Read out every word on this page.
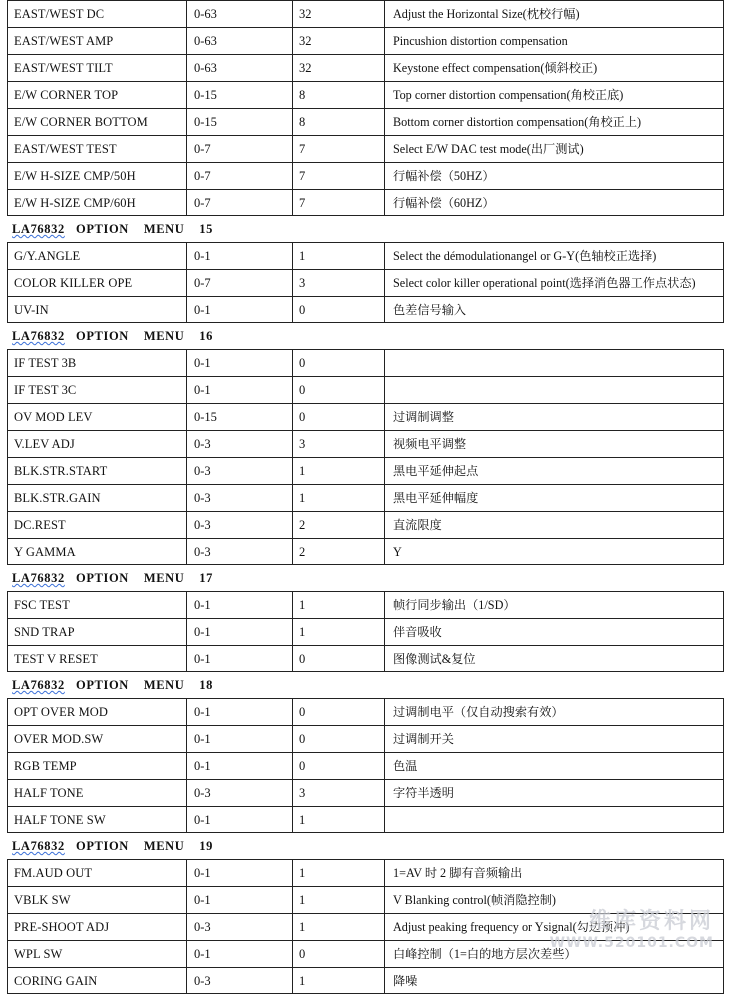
EAST/WEST DC	0-63	32	Adjust the Horizontal Size(枕校行幅)
EAST/WEST AMP	0-63	32	Pincushion distortion compensation
EAST/WEST TILT	0-63	32	Keystone effect compensation(倾斜校正)
E/W CORNER TOP	0-15	8	Top corner distortion compensation(角校正底)
E/W CORNER BOTTOM	0-15	8	Bottom corner distortion compensation(角校正上)
EAST/WEST TEST	0-7	7	Select E/W DAC test mode(出厂测试)
E/W H-SIZE CMP/50H	0-7	7	行幅补偿（50HZ）
E/W H-SIZE CMP/60H	0-7	7	行幅补偿（60HZ）
LA76832   OPTION    MENU    15
G/Y.ANGLE	0-1	1	Select the démodulationangel or G-Y(色轴校正选择)
COLOR KILLER OPE	0-7	3	Select color killer operational point(选择消色器工作点状态)
UV-IN	0-1	0	色差信号输入
LA76832   OPTION    MENU    16
IF TEST 3B	0-1	0
IF TEST 3C	0-1	0
OV MOD LEV	0-15	0	过调制调整
V.LEV ADJ	0-3	3	视频电平调整
BLK.STR.START	0-3	1	黑电平延伸起点
BLK.STR.GAIN	0-3	1	黑电平延伸幅度
DC.REST	0-3	2	直流限度
Y GAMMA	0-3	2	Y
LA76832   OPTION    MENU    17
FSC TEST	0-1	1	帧行同步输出（1/SD）
SND TRAP	0-1	1	伴音吸收
TEST V RESET	0-1	0	图像测试&复位
LA76832   OPTION    MENU    18
OPT OVER MOD	0-1	0	过调制电平（仅自动搜索有效）
OVER MOD.SW	0-1	0	过调制开关
RGB TEMP	0-1	0	色温
HALF TONE	0-3	3	字符半透明
HALF TONE SW	0-1	1
LA76832   OPTION    MENU    19
FM.AUD OUT	0-1	1	1=AV 时 2 脚有音频输出
VBLK SW	0-1	1	V Blanking control(帧消隐控制)
PRE-SHOOT ADJ	0-3	1	Adjust peaking frequency or Ysignal(勾边预冲)
WPL SW	0-1	0	白峰控制（1=白的地方层次差些）
CORING GAIN	0-3	1	降噪
维库资料网
WWW.520101.COM
